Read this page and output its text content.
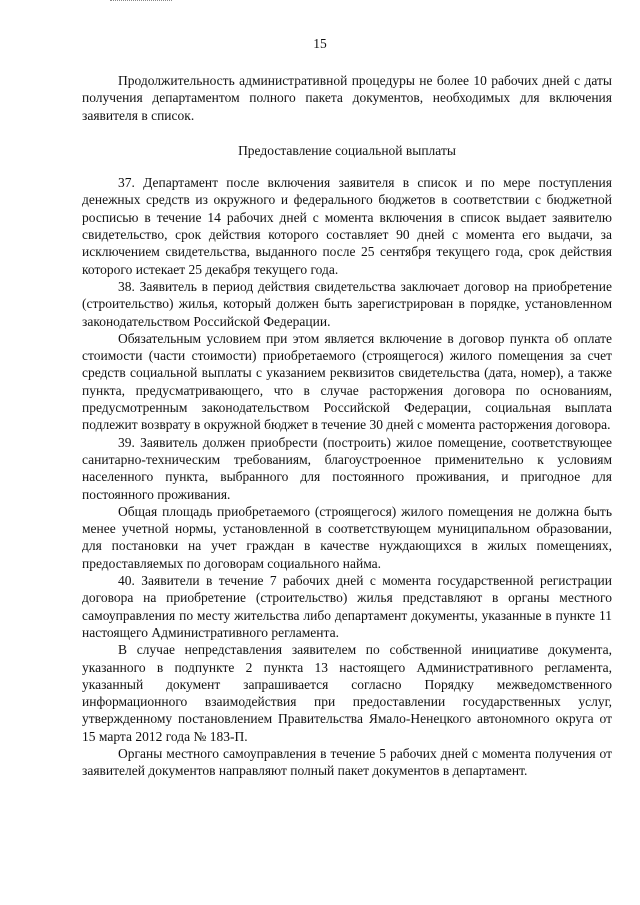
15

Продолжительность административной процедуры не более 10 рабочих дней с даты получения департаментом полного пакета документов, необходимых для включения заявителя в список.

Предоставление социальной выплаты

37. Департамент после включения заявителя в список и по мере поступления денежных средств из окружного и федерального бюджетов в соответствии с бюджетной росписью в течение 14 рабочих дней с момента включения в список выдает заявителю свидетельство, срок действия которого составляет 90 дней с момента его выдачи, за исключением свидетельства, выданного после 25 сентября текущего года, срок действия которого истекает 25 декабря текущего года.

38. Заявитель в период действия свидетельства заключает договор на приобретение (строительство) жилья, который должен быть зарегистрирован в порядке, установленном законодательством Российской Федерации.

Обязательным условием при этом является включение в договор пункта об оплате стоимости (части стоимости) приобретаемого (строящегося) жилого помещения за счет средств социальной выплаты с указанием реквизитов свидетельства (дата, номер), а также пункта, предусматривающего, что в случае расторжения договора по основаниям, предусмотренным законодательством Российской Федерации, социальная выплата подлежит возврату в окружной бюджет в течение 30 дней с момента расторжения договора.

39. Заявитель должен приобрести (построить) жилое помещение, соответствующее санитарно-техническим требованиям, благоустроенное применительно к условиям населенного пункта, выбранного для постоянного проживания, и пригодное для постоянного проживания.

Общая площадь приобретаемого (строящегося) жилого помещения не должна быть менее учетной нормы, установленной в соответствующем муниципальном образовании, для постановки на учет граждан в качестве нуждающихся в жилых помещениях, предоставляемых по договорам социального найма.

40. Заявители в течение 7 рабочих дней с момента государственной регистрации договора на приобретение (строительство) жилья представляют в органы местного самоуправления по месту жительства либо департамент документы, указанные в пункте 11 настоящего Административного регламента.

В случае непредставления заявителем по собственной инициативе документа, указанного в подпункте 2 пункта 13 настоящего Административного регламента, указанный документ запрашивается согласно Порядку межведомственного информационного взаимодействия при предоставлении государственных услуг, утвержденному постановлением Правительства Ямало-Ненецкого автономного округа от 15 марта 2012 года № 183-П.

Органы местного самоуправления в течение 5 рабочих дней с момента получения от заявителей документов направляют полный пакет документов в департамент.
